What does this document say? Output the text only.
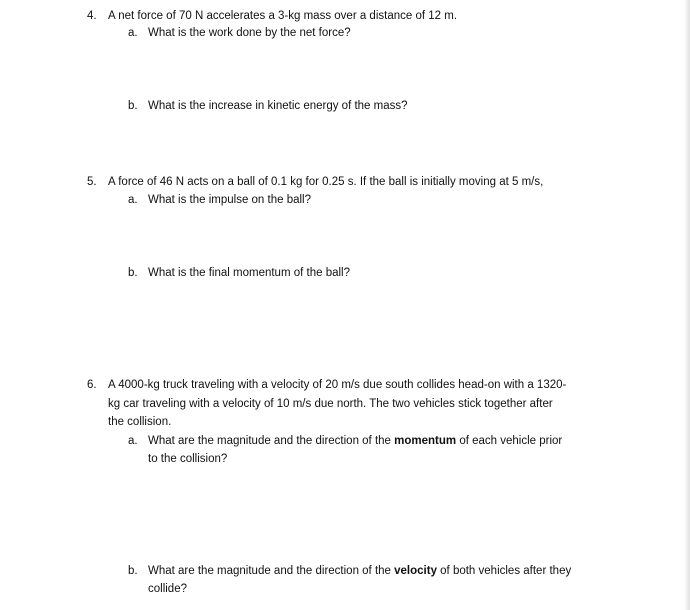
4. A net force of 70 N accelerates a 3-kg mass over a distance of 12 m.
a. What is the work done by the net force?
b. What is the increase in kinetic energy of the mass?
5. A force of 46 N acts on a ball of 0.1 kg for 0.25 s. If the ball is initially moving at 5 m/s,
a. What is the impulse on the ball?
b. What is the final momentum of the ball?
6. A 4000-kg truck traveling with a velocity of 20 m/s due south collides head-on with a 1320-
kg car traveling with a velocity of 10 m/s due north. The two vehicles stick together after
the collision.
a. What are the magnitude and the direction of the momentum of each vehicle prior
to the collision?
b. What are the magnitude and the direction of the velocity of both vehicles after they
collide?
